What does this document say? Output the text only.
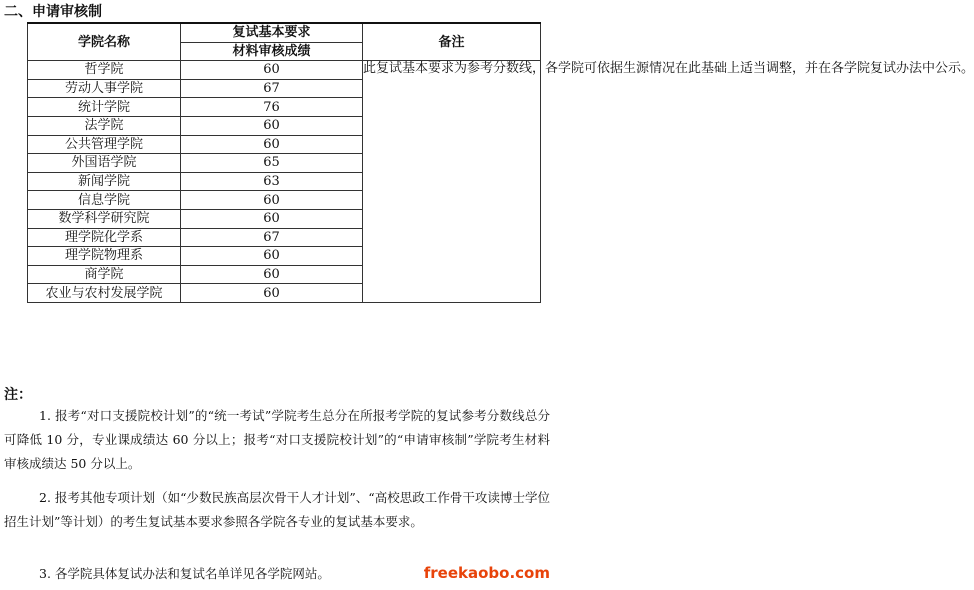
二、申请审核制
学院名称	复试基本要求	备注
	材料审核成绩	
哲学院	60	此复试基本要求为参考分数线，各学院可依据生源情况在此基础上适当调整，并在各学院复试办法中公示。
劳动人事学院	67	
统计学院	76	
法学院	60	
公共管理学院	60	
外国语学院	65	
新闻学院	63	
信息学院	60	
数学科学研究院	60	
理学院化学系	67	
理学院物理系	60	
商学院	60	
农业与农村发展学院	60	
注：
1. 报考“对口支援院校计划”的“统一考试”学院考生总分在所报考学院的复试参考分数线总分可降低 10 分，专业课成绩达 60 分以上；报考“对口支援院校计划”的“申请审核制”学院考生材料审核成绩达 50 分以上。
2. 报考其他专项计划（如“少数民族高层次骨干人才计划”、“高校思政工作骨干攻读博士学位招生计划”等计划）的考生复试基本要求参照各学院各专业的复试基本要求。
3. 各学院具体复试办法和复试名单详见各学院网站。	freekaobo.com
